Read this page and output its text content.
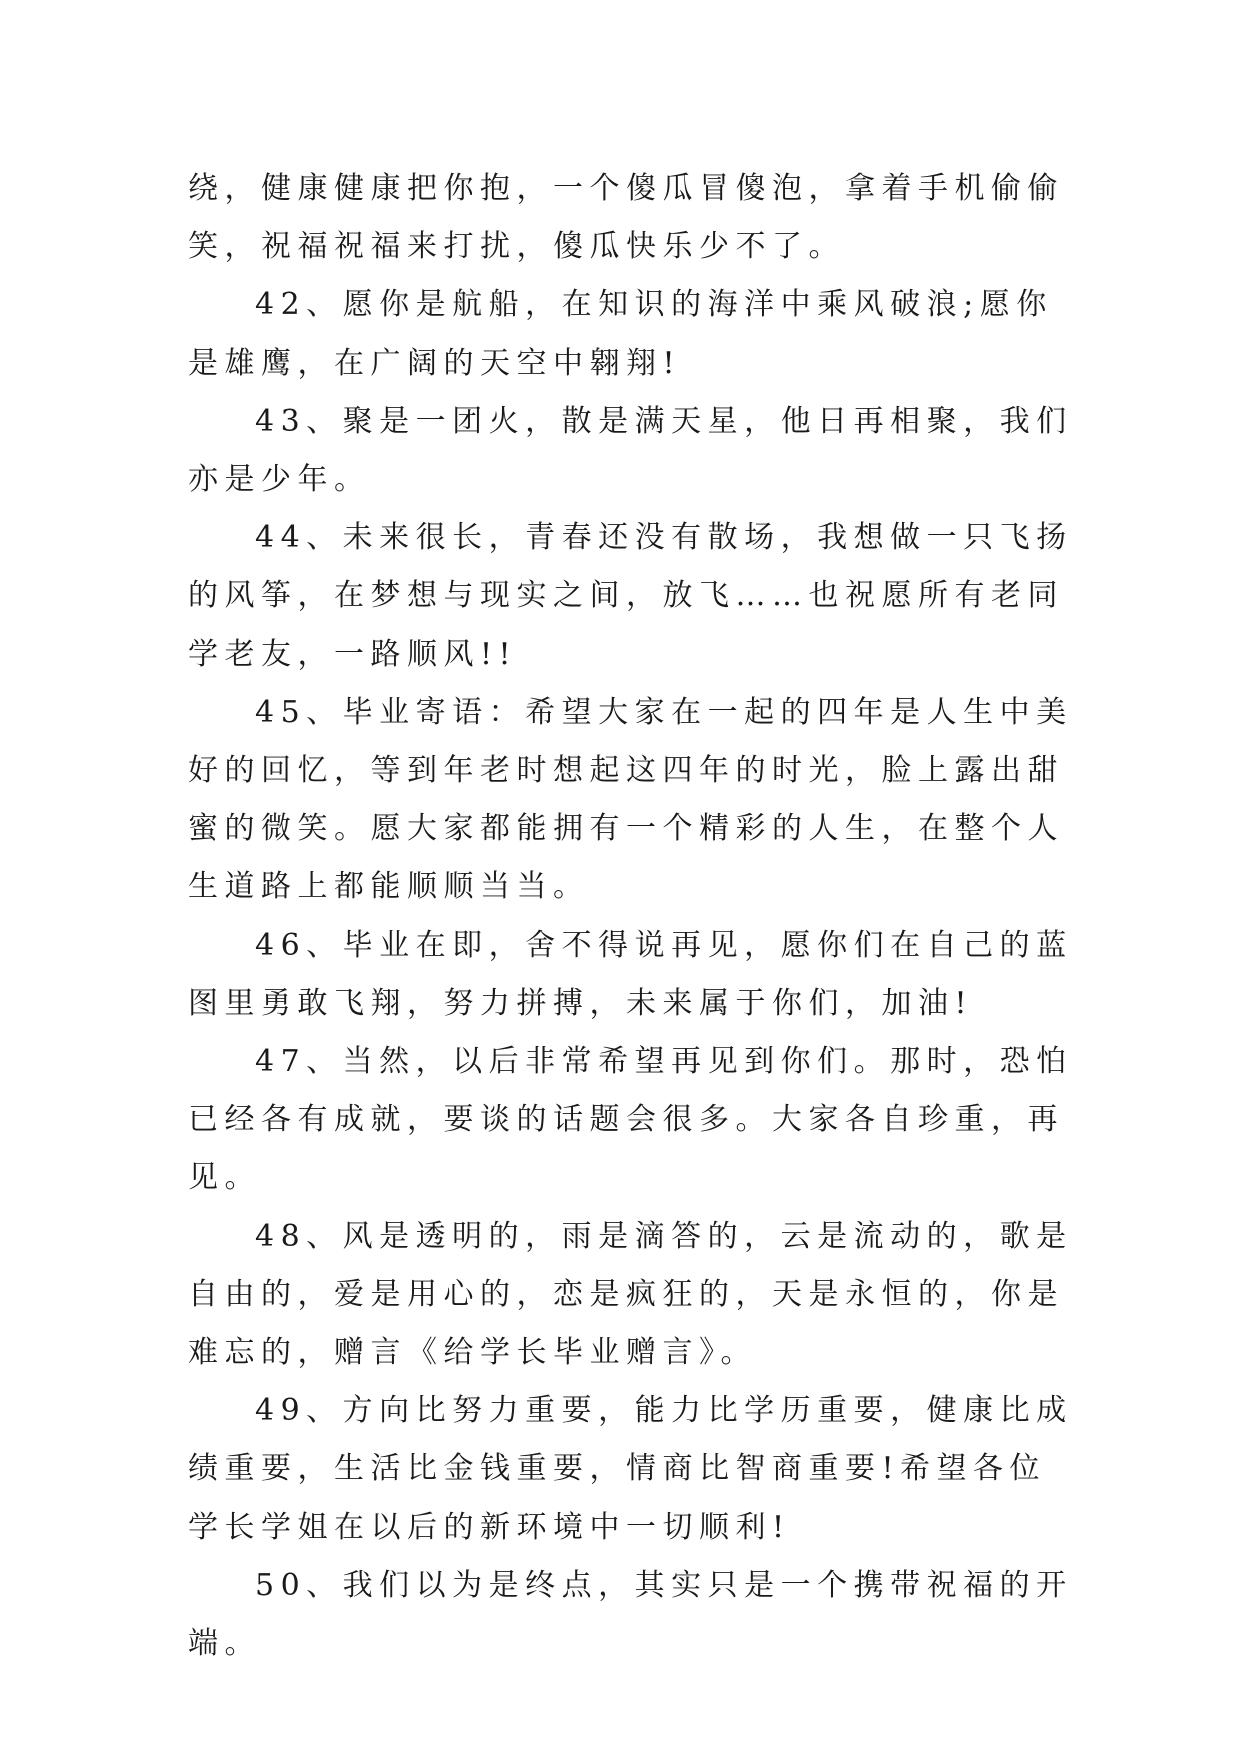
绕，健康健康把你抱，一个傻瓜冒傻泡，拿着手机偷偷笑，祝福祝福来打扰，傻瓜快乐少不了。

42、愿你是航船，在知识的海洋中乘风破浪;愿你是雄鹰，在广阔的天空中翱翔!

43、聚是一团火，散是满天星，他日再相聚，我们亦是少年。

44、未来很长，青春还没有散场，我想做一只飞扬的风筝，在梦想与现实之间，放飞……也祝愿所有老同学老友，一路顺风!!

45、毕业寄语：希望大家在一起的四年是人生中美好的回忆，等到年老时想起这四年的时光，脸上露出甜蜜的微笑。愿大家都能拥有一个精彩的人生，在整个人生道路上都能顺顺当当。

46、毕业在即，舍不得说再见，愿你们在自己的蓝图里勇敢飞翔，努力拼搏，未来属于你们，加油!

47、当然，以后非常希望再见到你们。那时，恐怕已经各有成就，要谈的话题会很多。大家各自珍重，再见。

48、风是透明的，雨是滴答的，云是流动的，歌是自由的，爱是用心的，恋是疯狂的，天是永恒的，你是难忘的，赠言《给学长毕业赠言》。

49、方向比努力重要，能力比学历重要，健康比成绩重要，生活比金钱重要，情商比智商重要!希望各位学长学姐在以后的新环境中一切顺利!

50、我们以为是终点，其实只是一个携带祝福的开端。
